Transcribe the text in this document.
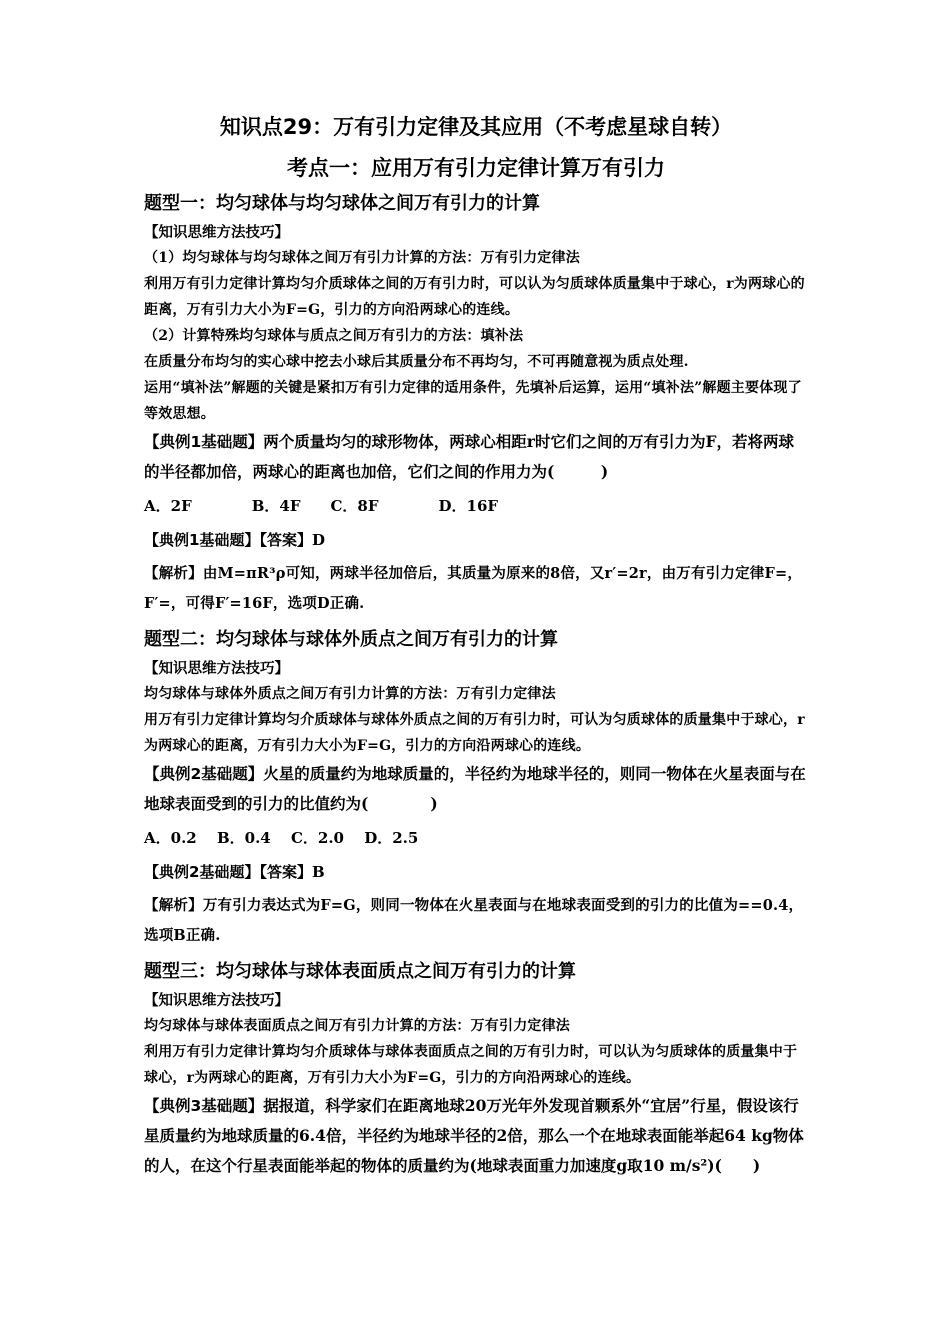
知识点29：万有引力定律及其应用（不考虑星球自转）
考点一：应用万有引力定律计算万有引力
题型一：均匀球体与均匀球体之间万有引力的计算
【知识思维方法技巧】

（1）均匀球体与均匀球体之间万有引力计算的方法：万有引力定律法

利用万有引力定律计算均匀介质球体之间的万有引力时，可以认为匀质球体质量集中于球心，r为两球心的距离，万有引力大小为F=G，引力的方向沿两球心的连线。

（2）计算特殊均匀球体与质点之间万有引力的方法：填补法

在质量分布均匀的实心球中挖去小球后其质量分布不再均匀，不可再随意视为质点处理.

运用“填补法”解题的关键是紧扣万有引力定律的适用条件，先填补后运算，运用“填补法”解题主要体现了等效思想。

【典例1基础题】两个质量均匀的球形物体，两球心相距r时它们之间的万有引力为F，若将两球的半径都加倍，两球心的距离也加倍，它们之间的作用力为(　　　)

A．2F　　　　B．4F　　C．8F　　　　D．16F

【典例1基础题】【答案】D

【解析】由M=πR³ρ可知，两球半径加倍后，其质量为原来的8倍，又r′=2r，由万有引力定律F=，F′=，可得F′=16F，选项D正确.

题型二：均匀球体与球体外质点之间万有引力的计算
【知识思维方法技巧】

均匀球体与球体外质点之间万有引力计算的方法：万有引力定律法

用万有引力定律计算均匀介质球体与球体外质点之间的万有引力时，可认为匀质球体的质量集中于球心，r为两球心的距离，万有引力大小为F=G，引力的方向沿两球心的连线。

【典例2基础题】火星的质量约为地球质量的，半径约为地球半径的，则同一物体在火星表面与在地球表面受到的引力的比值约为(　　　　)

A．0.2　 B．0.4　 C．2.0　 D．2.5

【典例2基础题】【答案】B

【解析】万有引力表达式为F=G，则同一物体在火星表面与在地球表面受到的引力的比值为==0.4，选项B正确.

题型三：均匀球体与球体表面质点之间万有引力的计算
【知识思维方法技巧】

均匀球体与球体表面质点之间万有引力计算的方法：万有引力定律法

利用万有引力定律计算均匀介质球体与球体表面质点之间的万有引力时，可以认为匀质球体的质量集中于球心，r为两球心的距离，万有引力大小为F=G，引力的方向沿两球心的连线。

【典例3基础题】据报道，科学家们在距离地球20万光年外发现首颗系外“宜居”行星，假设该行星质量约为地球质量的6.4倍，半径约为地球半径的2倍，那么一个在地球表面能举起64 kg物体的人，在这个行星表面能举起的物体的质量约为(地球表面重力加速度g取10 m/s²)(　　)
